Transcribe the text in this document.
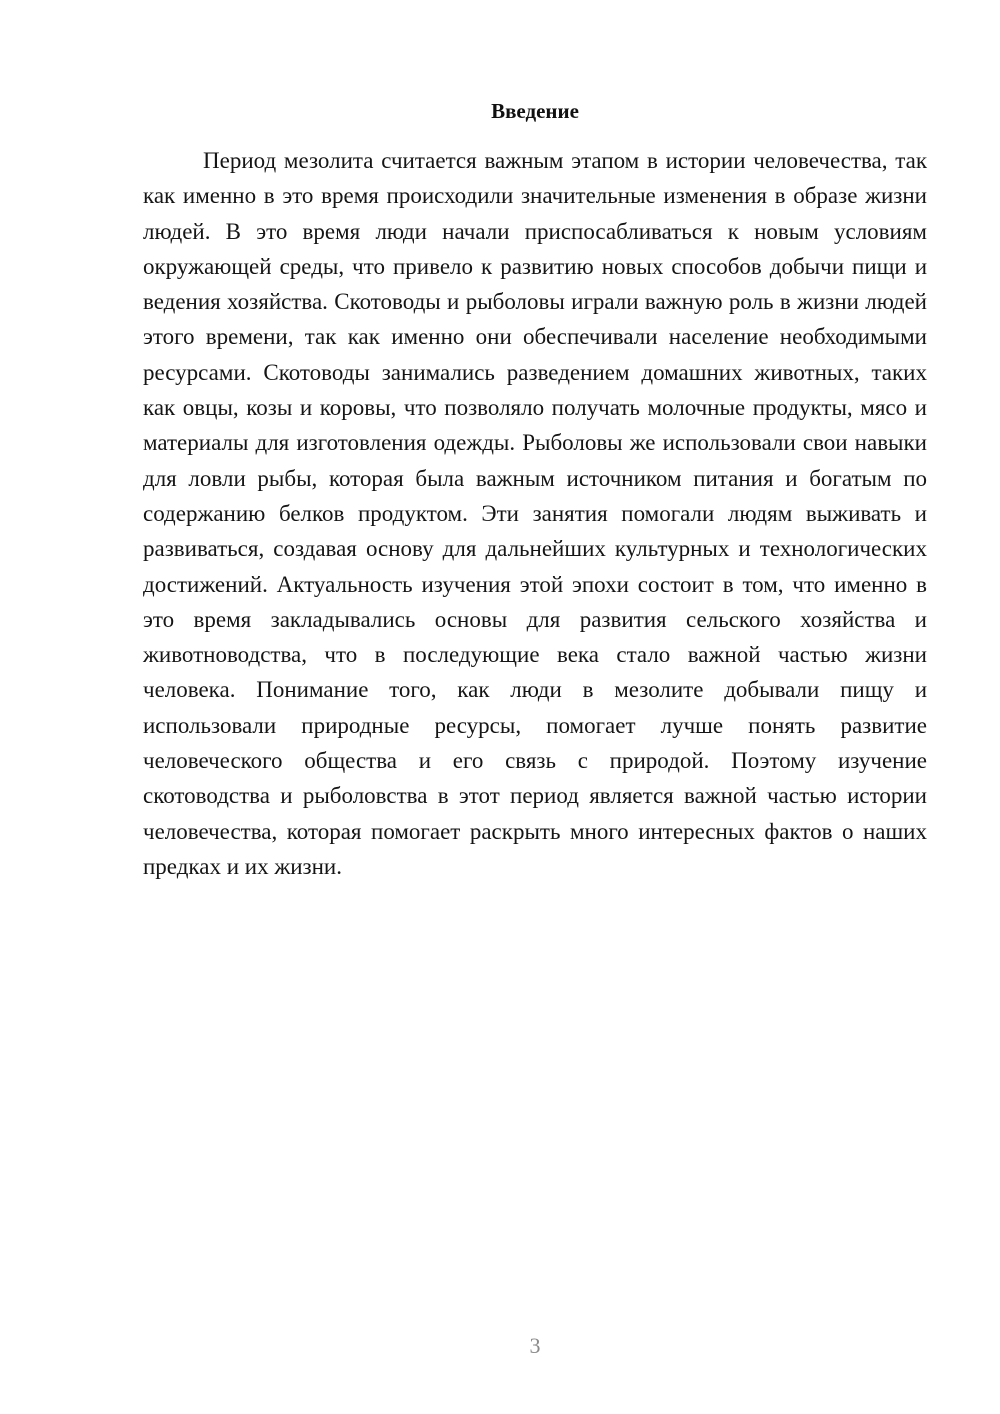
Введение

Период мезолита считается важным этапом в истории человечества, так как именно в это время происходили значительные изменения в образе жизни людей. В это время люди начали приспосабливаться к новым условиям окружающей среды, что привело к развитию новых способов добычи пищи и ведения хозяйства. Скотоводы и рыболовы играли важную роль в жизни людей этого времени, так как именно они обеспечивали население необходимыми ресурсами. Скотоводы занимались разведением домашних животных, таких как овцы, козы и коровы, что позволяло получать молочные продукты, мясо и материалы для изготовления одежды. Рыболовы же использовали свои навыки для ловли рыбы, которая была важным источником питания и богатым по содержанию белков продуктом. Эти занятия помогали людям выживать и развиваться, создавая основу для дальнейших культурных и технологических достижений. Актуальность изучения этой эпохи состоит в том, что именно в это время закладывались основы для развития сельского хозяйства и животноводства, что в последующие века стало важной частью жизни человека. Понимание того, как люди в мезолите добывали пищу и использовали природные ресурсы, помогает лучше понять развитие человеческого общества и его связь с природой. Поэтому изучение скотоводства и рыболовства в этот период является важной частью истории человечества, которая помогает раскрыть много интересных фактов о наших предках и их жизни.

3
